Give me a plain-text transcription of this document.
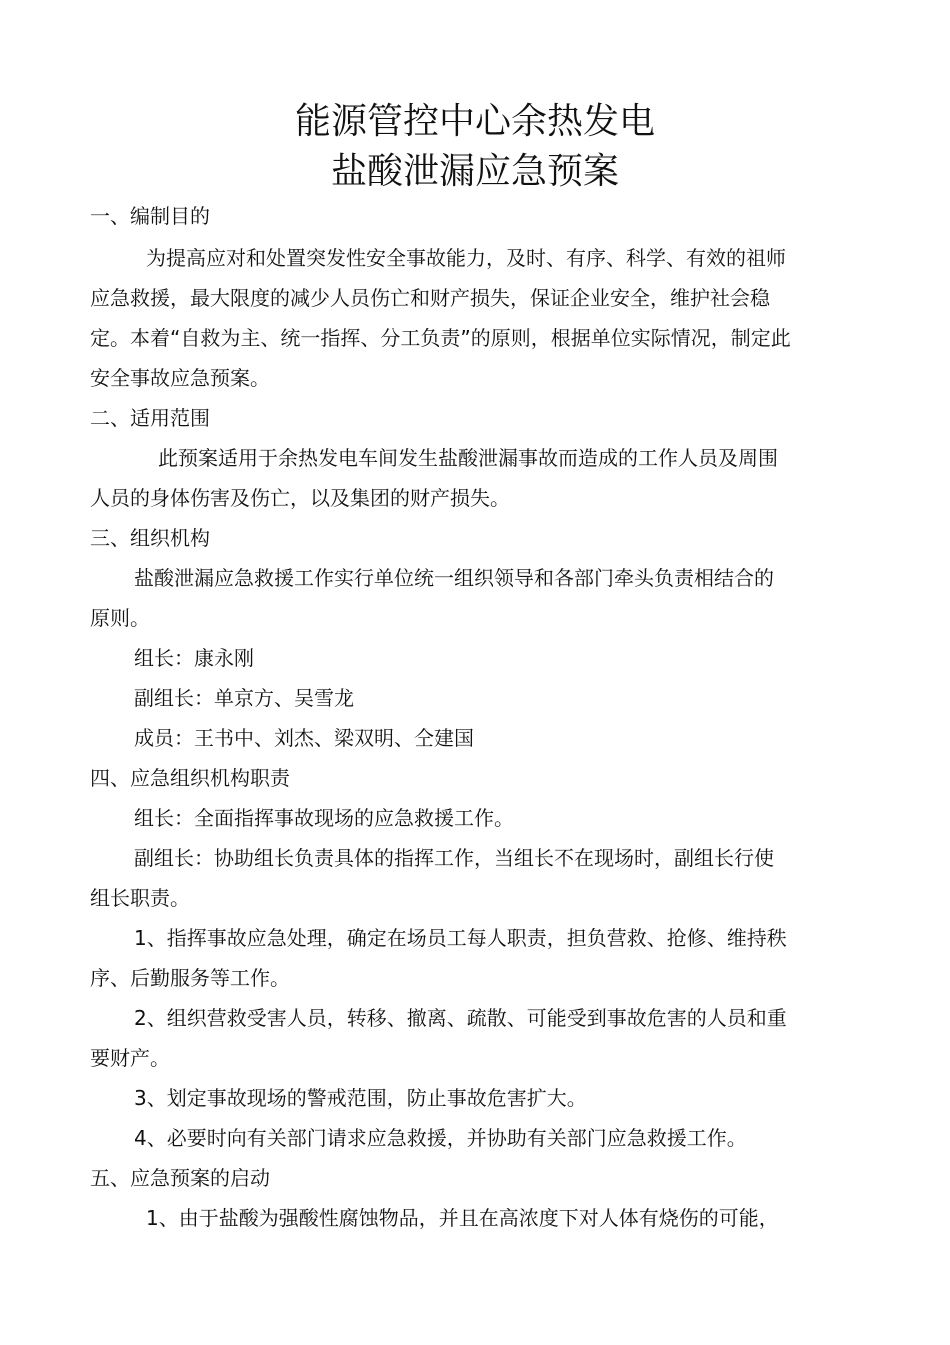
能源管控中心余热发电
盐酸泄漏应急预案
一、编制目的
为提高应对和处置突发性安全事故能力，及时、有序、科学、有效的祖师
应急救援，最大限度的减少人员伤亡和财产损失，保证企业安全，维护社会稳
定。本着“自救为主、统一指挥、分工负责”的原则，根据单位实际情况，制定此
安全事故应急预案。
二、适用范围
此预案适用于余热发电车间发生盐酸泄漏事故而造成的工作人员及周围
人员的身体伤害及伤亡，以及集团的财产损失。
三、组织机构
盐酸泄漏应急救援工作实行单位统一组织领导和各部门牵头负责相结合的
原则。
组长：康永刚
副组长：单京方、吴雪龙
成员：王书中、刘杰、梁双明、仝建国
四、应急组织机构职责
组长：全面指挥事故现场的应急救援工作。
副组长：协助组长负责具体的指挥工作，当组长不在现场时，副组长行使
组长职责。
1、指挥事故应急处理，确定在场员工每人职责，担负营救、抢修、维持秩
序、后勤服务等工作。
2、组织营救受害人员，转移、撤离、疏散、可能受到事故危害的人员和重
要财产。
3、划定事故现场的警戒范围，防止事故危害扩大。
4、必要时向有关部门请求应急救援，并协助有关部门应急救援工作。
五、应急预案的启动
1、由于盐酸为强酸性腐蚀物品，并且在高浓度下对人体有烧伤的可能，
